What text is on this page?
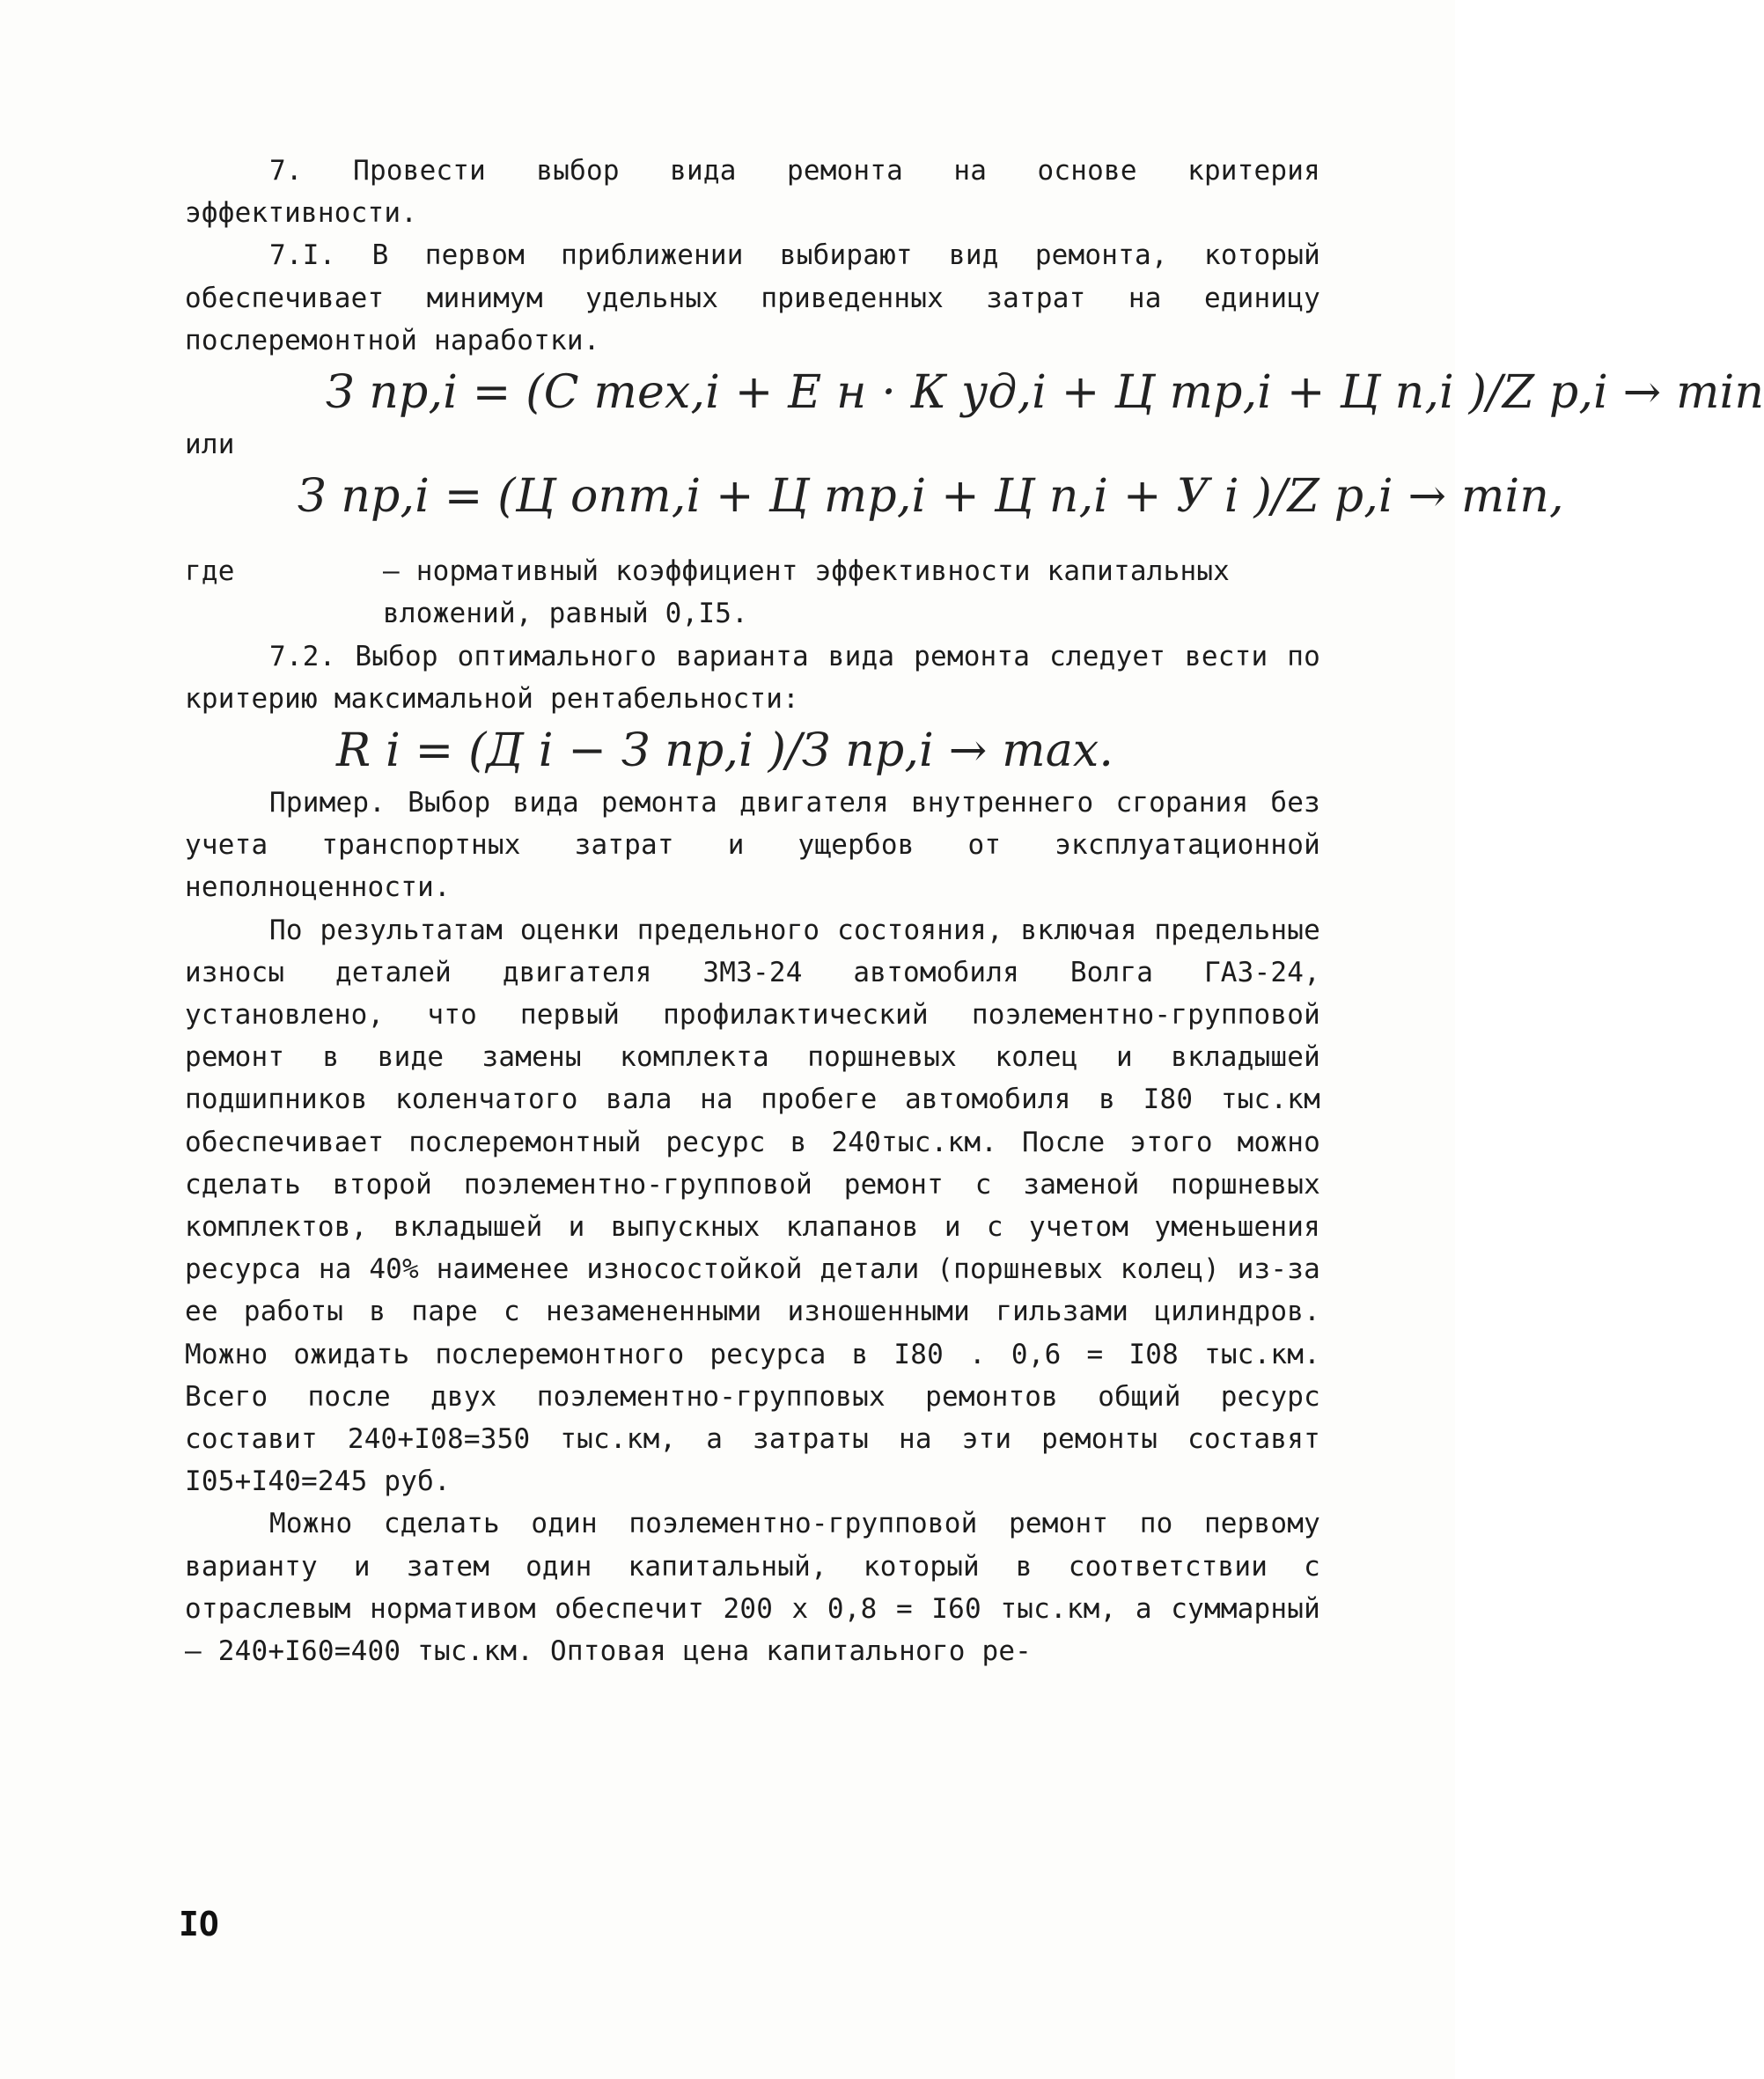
7. Провести выбор вида ремонта на основе критерия эффективности.

7.I. В первом приближении выбирают вид ремонта, который обеспечивает минимум удельных приведенных затрат на единицу послеремонтной наработки.

З пр,i = (С тех,i + Е н · К уд,i + Ц тр,i + Ц п,i )/Z р,i → min

или

З пр,i = (Ц опт,i + Ц тр,i + Ц п,i + У i )/Z р,i → min,

где	– нормативный коэффициент эффективности капитальных вложений, равный 0,I5.

7.2. Выбор оптимального варианта вида ремонта следует вести по критерию максимальной рентабельности:

R i = (Д i − З пр,i )/З пр,i → max.

Пример. Выбор вида ремонта двигателя внутреннего сгорания без учета транспортных затрат и ущербов от эксплуатационной неполноценности.

По результатам оценки предельного состояния, включая предельные износы деталей двигателя ЗМЗ-24 автомобиля Волга ГАЗ-24, установлено, что первый профилактический поэлементно-групповой ремонт в виде замены комплекта поршневых колец и вкладышей подшипников коленчатого вала на пробеге автомобиля в I80 тыс.км обеспечивает послеремонтный ресурс в 240тыс.км. После этого можно сделать второй поэлементно-групповой ремонт с заменой поршневых комплектов, вкладышей и выпускных клапанов и с учетом уменьшения ресурса на 40% наименее износостойкой детали (поршневых колец) из-за ее работы в паре с незамененными изношенными гильзами цилиндров. Можно ожидать послеремонтного ресурса в I80 . 0,6 = I08 тыс.км. Всего после двух поэлементно-групповых ремонтов общий ресурс составит 240+I08=350 тыс.км, а затраты на эти ремонты составят I05+I40=245 руб.

Можно сделать один поэлементно-групповой ремонт по первому варианту и затем один капитальный, который в соответствии с отраслевым нормативом обеспечит 200 х 0,8 = I60 тыс.км, а суммарный – 240+I60=400 тыс.км. Оптовая цена капитального ре-

IO
